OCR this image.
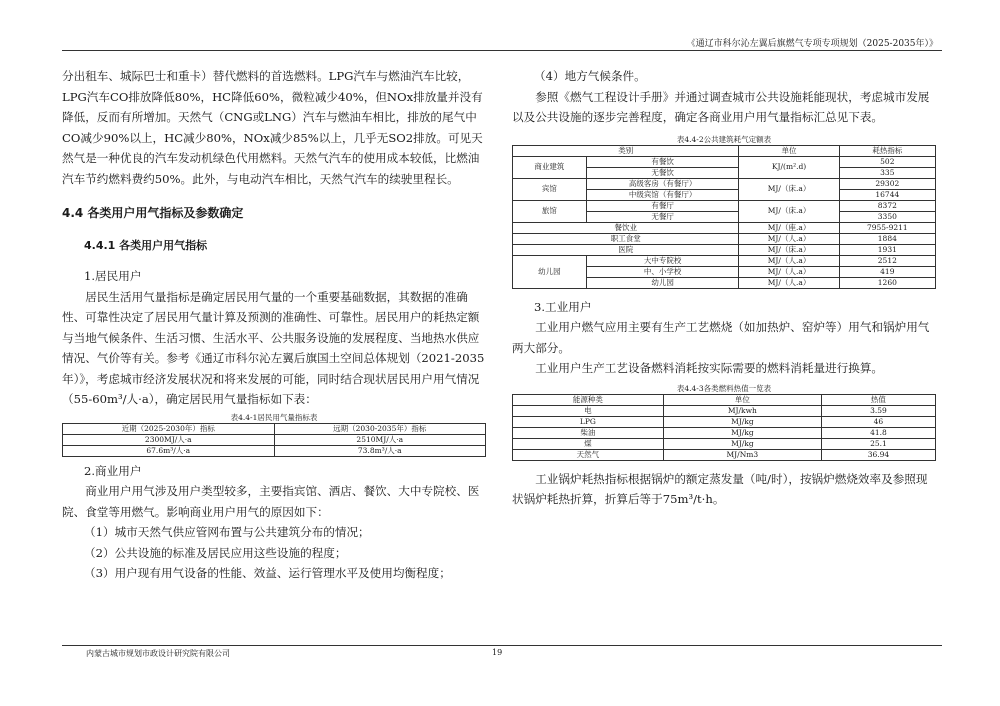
《通辽市科尔沁左翼后旗燃气专项专项规划（2025-2035年）》

分出租车、城际巴士和重卡）替代燃料的首选燃料。LPG汽车与燃油汽车比较，LPG汽车CO排放降低80%，HC降低60%，微粒减少40%，但NOx排放量并没有降低，反而有所增加。天然气（CNG或LNG）汽车与燃油车相比，排放的尾气中CO减少90%以上，HC减少80%，NOx减少85%以上，几乎无SO2排放。可见天然气是一种优良的汽车发动机绿色代用燃料。天然气汽车的使用成本较低，比燃油汽车节约燃料费约50%。此外，与电动汽车相比，天然气汽车的续驶里程长。

4.4 各类用户用气指标及参数确定
4.4.1 各类用户用气指标

1.居民用户

居民生活用气量指标是确定居民用气量的一个重要基础数据，其数据的准确性、可靠性决定了居民用气量计算及预测的准确性、可靠性。居民用户的耗热定额与当地气候条件、生活习惯、生活水平、公共服务设施的发展程度、当地热水供应情况、气价等有关。参考《通辽市科尔沁左翼后旗国土空间总体规划（2021-2035年）》，考虑城市经济发展状况和将来发展的可能，同时结合现状居民用户用气情况（55-60m³/人·a），确定居民用气量指标如下表：

表4.4-1居民用气量指标表
近期（2025-2030年）指标	远期（2030-2035年）指标
2300MJ/人·a	2510MJ/人·a
67.6m³/人·a	73.8m³/人·a

2.商业用户

商业用户用气涉及用户类型较多，主要指宾馆、酒店、餐饮、大中专院校、医院、食堂等用燃气。影响商业用户用气的原因如下：

（1）城市天然气供应管网布置与公共建筑分布的情况；

（2）公共设施的标准及居民应用这些设施的程度；

（3）用户现有用气设备的性能、效益、运行管理水平及使用均衡程度；

（4）地方气候条件。

参照《燃气工程设计手册》并通过调查城市公共设施耗能现状，考虑城市发展以及公共设施的逐步完善程度，确定各商业用户用气量指标汇总见下表。

表4.4-2公共建筑耗气定额表
类别		单位	耗热指标
商业建筑	有餐饮	KJ/(m².d)	502
	无餐饮		335
宾馆	高级客房（有餐厅）	MJ/（床.a）	29302
	中级宾馆（有餐厅）		16744
旅馆	有餐厅	MJ/（床.a）	8372
	无餐厅		3350
餐饮业		MJ/（座.a）	7955-9211
职工食堂		MJ/（人.a）	1884
医院		MJ/（床.a）	1931
幼儿园	大中专院校	MJ/（人.a）	2512
	中、小学校	MJ/（人.a）	419
	幼儿园	MJ/（人.a）	1260

3.工业用户

工业用户燃气应用主要有生产工艺燃烧（如加热炉、窑炉等）用气和锅炉用气两大部分。

工业用户生产工艺设备燃料消耗按实际需要的燃料消耗量进行换算。

表4.4-3各类燃料热值一览表
能源种类	单位	热值
电	MJ/kwh	3.59
LPG	MJ/kg	46
柴油	MJ/kg	41.8
煤	MJ/kg	25.1
天然气	MJ/Nm3	36.94

工业锅炉耗热指标根据锅炉的额定蒸发量（吨/时），按锅炉燃烧效率及参照现状锅炉耗热折算，折算后等于75m³/t·h。

内蒙古城市规划市政设计研究院有限公司	19
